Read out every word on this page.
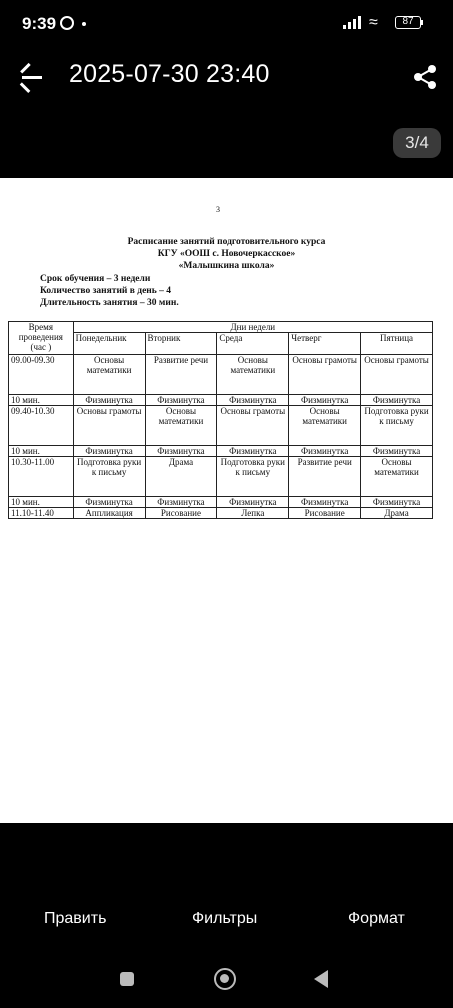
9:39	≈	87
2025-07-30 23:40
3/4
3
Расписание занятий подготовительного курса
КГУ «ООШ с. Новочеркасское»
«Малышкина школа»
Срок обучения – 3 недели
Количество занятий в день – 4
Длительность занятия – 30 мин.
Время проведения (час )	Дни недели				
	Понедельник	Вторник	Среда	Четверг	Пятница
09.00-09.30	Основы математики	Развитие речи	Основы математики	Основы грамоты	Основы грамоты
10 мин.	Физминутка	Физминутка	Физминутка	Физминутка	Физминутка
09.40-10.30	Основы грамоты	Основы математики	Основы грамоты	Основы математики	Подготовка руки к письму
10 мин.	Физминутка	Физминутка	Физминутка	Физминутка	Физминутка
10.30-11.00	Подготовка руки к письму	Драма	Подготовка руки к письму	Развитие речи	Основы математики
10 мин.	Физминутка	Физминутка	Физминутка	Физминутка	Физминутка
11.10-11.40	Аппликация	Рисование	Лепка	Рисование	Драма
Править	Фильтры	Формат
